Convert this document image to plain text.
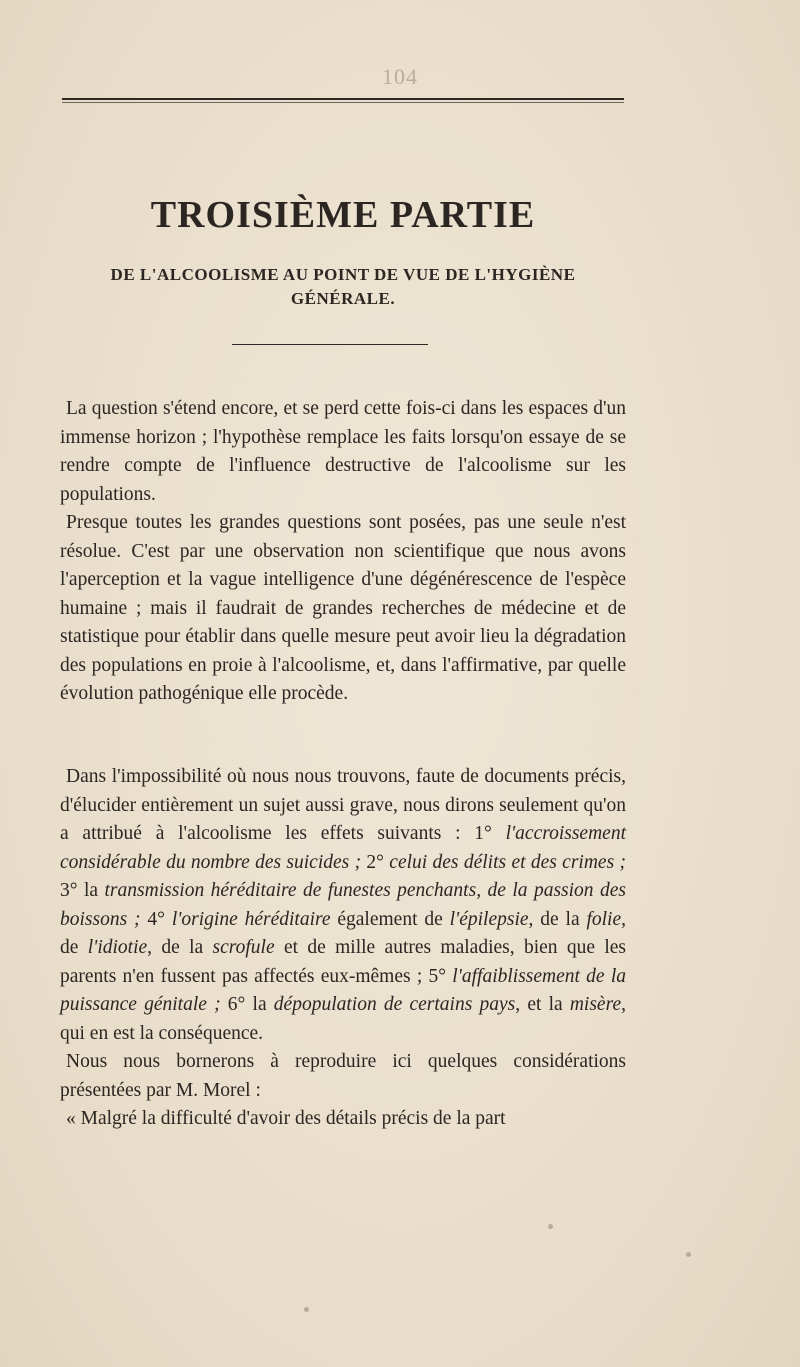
104
TROISIÈME PARTIE
DE L'ALCOOLISME AU POINT DE VUE DE L'HYGIÈNE GÉNÉRALE.
La question s'étend encore, et se perd cette fois-ci dans les espaces d'un immense horizon ; l'hypothèse remplace les faits lorsqu'on essaye de se rendre compte de l'influence destructive de l'alcoolisme sur les populations.
Presque toutes les grandes questions sont posées, pas une seule n'est résolue. C'est par une observation non scientifique que nous avons l'aperception et la vague intelligence d'une dégénérescence de l'espèce humaine ; mais il faudrait de grandes recherches de médecine et de statistique pour établir dans quelle mesure peut avoir lieu la dégradation des populations en proie à l'alcoolisme, et, dans l'affirmative, par quelle évolution pathogénique elle procède.
Dans l'impossibilité où nous nous trouvons, faute de documents précis, d'élucider entièrement un sujet aussi grave, nous dirons seulement qu'on a attribué à l'alcoolisme les effets suivants : 1° l'accroissement considérable du nombre des suicides ; 2° celui des délits et des crimes ; 3° la transmission héréditaire de funestes penchants, de la passion des boissons ; 4° l'origine héréditaire également de l'épilepsie, de la folie, de l'idiotie, de la scrofule et de mille autres maladies, bien que les parents n'en fussent pas affectés eux-mêmes ; 5° l'affaiblissement de la puissance génitale ; 6° la dépopulation de certains pays, et la misère, qui en est la conséquence.
Nous nous bornerons à reproduire ici quelques considérations présentées par M. Morel :
« Malgré la difficulté d'avoir des détails précis de la part
